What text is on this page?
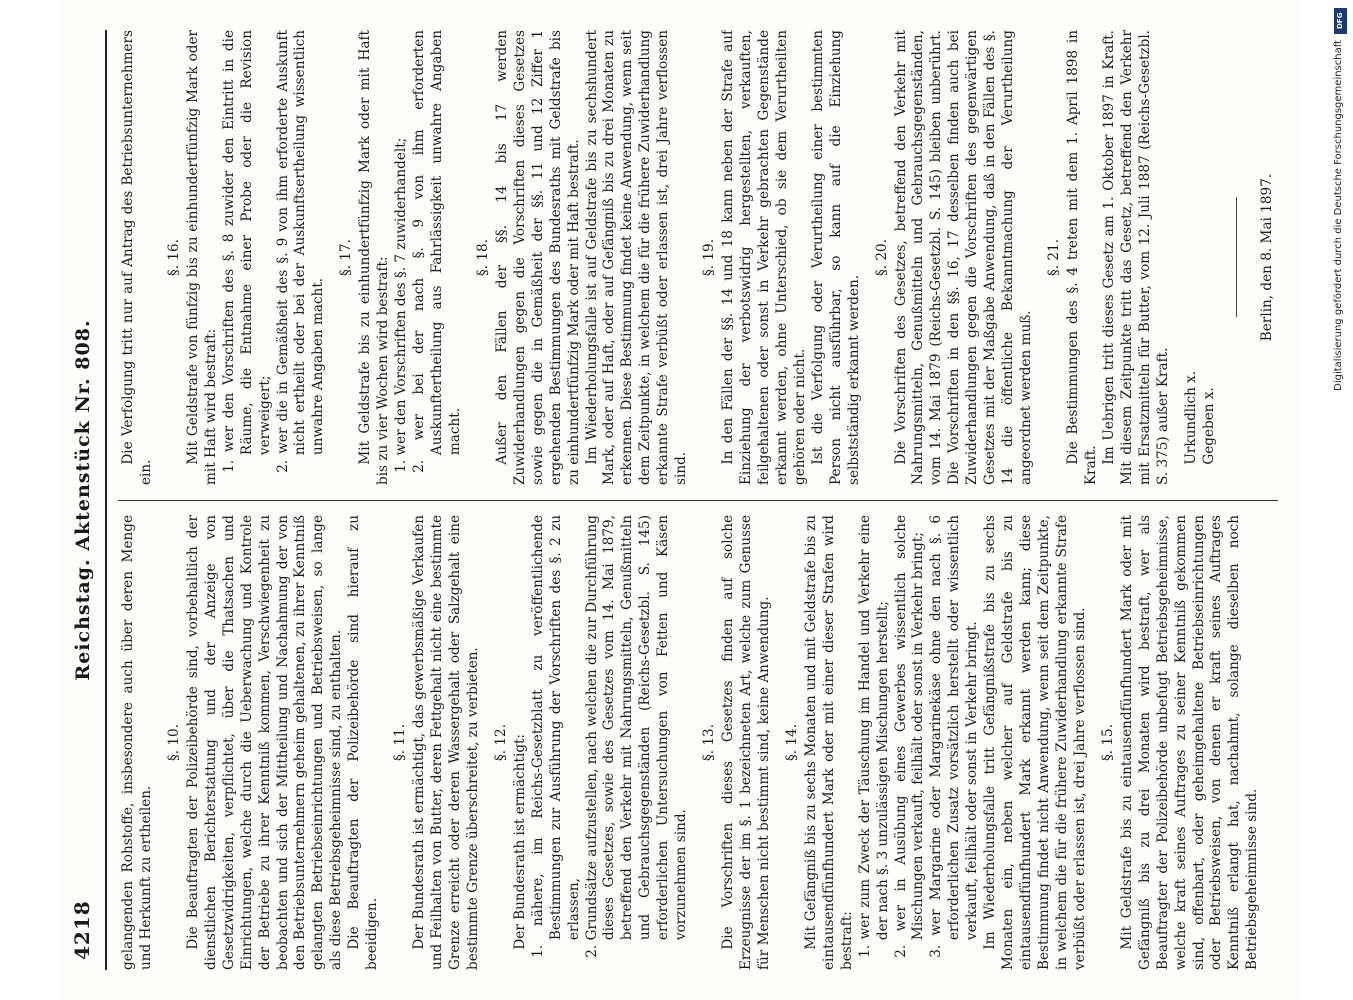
4218
Reichstag. Aktenstück Nr. 808.
gelangenden Rohstoffe, insbesondere auch über deren Menge und Herkunft zu ertheilen.
§. 10. Die Beauftragten der Polizeibehörde sind, vorbehaltlich der dienstlichen Berichterstattung und der Anzeige von Gesetzwidrigkeiten, verpflichtet, über die Thatsachen und Einrichtungen, welche durch die Ueberwachung und Kontrole der Betriebe zu ihrer Kenntniß kommen, Verschwiegenheit zu beobachten und sich der Mittheilung und Nachahmung der von den Betriebsunternehmern geheim gehaltenen, zu ihrer Kenntniß gelangten Betriebseinrichtungen und Betriebsweisen, so lange als diese Betriebsgeheimnisse sind, zu enthalten. Die Beauftragten der Polizeibehörde sind hierauf zu beeidigen.
§. 11. Der Bundesrath ist ermächtigt, das gewerbsmäßige Verkaufen und Feilhalten von Butter, deren Fettgehalt nicht eine bestimmte Grenze erreicht oder deren Wassergehalt oder Salzgehalt eine bestimmte Grenze überschreitet, zu verbieten. §. 12. Der Bundesrath ist ermächtigt: 1. nähere, im Reichs-Gesetzblatt zu veröffentlichende Bestimmungen zur Ausführung der Vorschriften des §. 2 zu erlassen, 2. Grundsätze aufzustellen, nach welchen die zur Durchführung dieses Gesetzes, sowie des Gesetzes vom 14. Mai 1879, betreffend den Verkehr mit Nahrungsmitteln, Genußmitteln und Gebrauchsgegenständen (Reichs-Gesetzbl. S. 145) erforderlichen Untersuchungen von Fetten und Käsen vorzunehmen sind.
§. 13. Die Vorschriften dieses Gesetzes finden auf solche Erzeugnisse der im §. 1 bezeichneten Art, welche zum Genusse für Menschen nicht bestimmt sind, keine Anwendung. §. 14. Mit Gefängniß bis zu sechs Monaten und mit Geldstrafe bis zu eintausendfünfhundert Mark oder mit einer dieser Strafen wird bestraft: 1. wer zum Zweck der Täuschung im Handel und Verkehr eine der nach §. 3 unzulässigen Mischungen herstellt; 2. wer in Ausübung eines Gewerbes wissentlich solche Mischungen verkauft, feilhält oder sonst in Verkehr bringt; 3. wer Margarine oder Margarinekäse ohne den nach §. 6 erforderlichen Zusatz vorsätzlich herstellt oder wissentlich verkauft, feilhält oder sonst in Verkehr bringt. Im Wiederholungsfalle tritt Gefängnißstrafe bis zu sechs Monaten ein, neben welcher auf Geldstrafe bis zu eintausendfünfhundert Mark erkannt werden kann; diese Bestimmung findet nicht Anwendung, wenn seit dem Zeitpunkte, in welchem die für die frühere Zuwiderhandlung erkannte Strafe verbüßt oder erlassen ist, drei Jahre verflossen sind. §. 15. Mit Geldstrafe bis zu eintausendfünfhundert Mark oder mit Gefängniß bis zu drei Monaten wird bestraft, wer als Beauftragter der Polizeibehörde unbefugt Betriebsgeheimnisse, welche kraft seines Auftrages zu seiner Kenntniß gekommen sind, offenbart, oder geheimgehaltene Betriebseinrichtungen oder Betriebsweisen, von denen er kraft seines Auftrages Kenntniß erlangt hat, nachahmt, solange dieselben noch Betriebsgeheimnisse sind.
Die Verfolgung tritt nur auf Antrag des Betriebsunternehmers ein.
§. 16. Mit Geldstrafe von fünfzig bis zu einhundertfünfzig Mark oder mit Haft wird bestraft: 1. wer den Vorschriften des §. 8 zuwider den Eintritt in die Räume, die Entnahme einer Probe oder die Revision verweigert; 2. wer die in Gemäßheit des §. 9 von ihm erforderte Auskunft nicht ertheilt oder bei der Auskunftsertheilung wissentlich unwahre Angaben macht.
§. 17. Mit Geldstrafe bis zu einhundertfünfzig Mark oder mit Haft bis zu vier Wochen wird bestraft: 1. wer den Vorschriften des §. 7 zuwiderhandelt; 2. wer bei der nach §. 9 von ihm erforderten Auskunftertheilung aus Fahrlässigkeit unwahre Angaben macht.
§. 18. Außer den Fällen der §§. 14 bis 17 werden Zuwiderhandlungen gegen die Vorschriften dieses Gesetzes sowie gegen die in Gemäßheit der §§. 11 und 12 Ziffer 1 ergehenden Bestimmungen des Bundesraths mit Geldstrafe bis zu einhundertfünfzig Mark oder mit Haft bestraft. Im Wiederholungsfalle ist auf Geldstrafe bis zu sechshundert Mark, oder auf Haft, oder auf Gefängniß bis zu drei Monaten zu erkennen. Diese Bestimmung findet keine Anwendung, wenn seit dem Zeitpunkte, in welchem die für die frühere Zuwiderhandlung erkannte Strafe verbüßt oder erlassen ist, drei Jahre verflossen sind.
§. 19. In den Fällen der §§. 14 und 18 kann neben der Strafe auf Einziehung der verbotswidrig hergestellten, verkauften, feilgehaltenen oder sonst in Verkehr gebrachten Gegenstände erkannt werden, ohne Unterschied, ob sie dem Verurtheilten gehören oder nicht. Ist die Verfolgung oder Verurtheilung einer bestimmten Person nicht ausführbar, so kann auf die Einziehung selbstständig erkannt werden.
§. 20. Die Vorschriften des Gesetzes, betreffend den Verkehr mit Nahrungsmitteln, Genußmitteln und Gebrauchsgegenständen, vom 14. Mai 1879 (Reichs-Gesetzbl. S. 145) bleiben unberührt. Die Vorschriften in den §§. 16, 17 desselben finden auch bei Zuwiderhandlungen gegen die Vorschriften des gegenwärtigen Gesetzes mit der Maßgabe Anwendung, daß in den Fällen des §. 14 die öffentliche Bekanntmachung der Verurtheilung angeordnet werden muß.
§. 21. Die Bestimmungen des §. 4 treten mit dem 1. April 1898 in Kraft.
Im Uebrigen tritt dieses Gesetz am 1. Oktober 1897 in Kraft. Mit diesem Zeitpunkte tritt das Gesetz, betreffend den Verkehr mit Ersatzmitteln für Butter, vom 12. Juli 1887 (Reichs-Gesetzbl. S. 375) außer Kraft. Urkundlich x. Gegeben x.
Berlin, den 8. Mai 1897.
DFG
Digitalisierung gefördert durch die Deutsche Forschungsgemeinschaft
